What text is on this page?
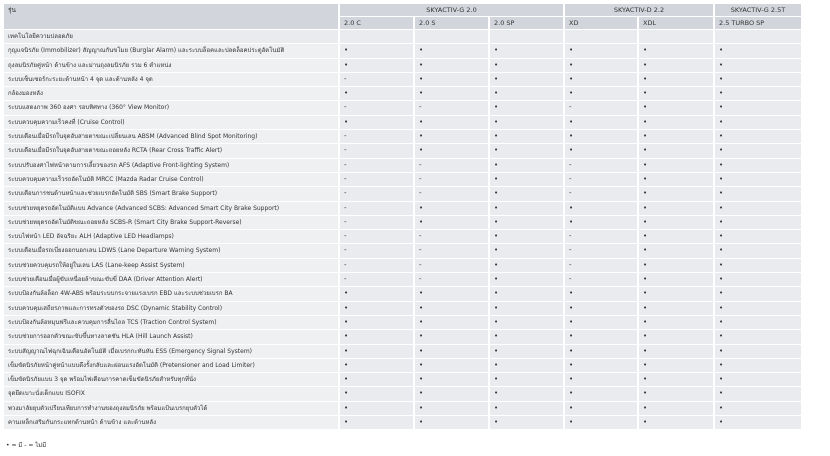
รุ่น	SKYACTIV-G 2.0			SKYACTIV-D 2.2		SKYACTIV-G 2.5T
	2.0 C	2.0 S	2.0 SP	XD	XDL	2.5 TURBO SP
เทคโนโลยีความปลอดภัย						
กุญแจนิรภัย (Immobilizer) สัญญาณกันขโมย (Burglar Alarm) และระบบล็อคและปลดล็อคประตูอัตโนมัติ	•	•	•	•	•	•
ถุงลมนิรภัยคู่หน้า ด้านข้าง และม่านถุงลมนิรภัย รวม 6 ตำแหน่ง	•	•	•	•	•	•
ระบบเซ็นเซอร์กะระยะด้านหน้า 4 จุด และด้านหลัง 4 จุด	-	•	•	•	•	•
กล้องมองหลัง	•	•	•	•	•	•
ระบบแสดงภาพ 360 องศา รอบทิศทาง (360° View Monitor)	-	-	•	-	•	•
ระบบควบคุมความเร็วคงที่ (Cruise Control)	•	•	•	•	•	•
ระบบเตือนเมื่อมีรถในจุดอับสายตาขณะเปลี่ยนเลน ABSM (Advanced Blind Spot Monitoring)	-	•	•	•	•	•
ระบบเตือนเมื่อมีรถในจุดอับสายตาขณะถอยหลัง RCTA (Rear Cross Traffic Alert)	-	•	•	•	•	•
ระบบปรับองศาไฟหน้าตามการเลี้ยวของรถ AFS (Adaptive Front-lighting System)	-	-	•	-	•	•
ระบบควบคุมความเร็วรถอัตโนมัติ MRCC (Mazda Radar Cruise Control)	-	-	•	-	•	•
ระบบเตือนการชนด้านหน้าและช่วยเบรกอัตโนมัติ SBS (Smart Brake Support)	-	-	•	-	•	•
ระบบช่วยหยุดรถอัตโนมัติแบบ Advance (Advanced SCBS: Advanced Smart City Brake Support)	-	•	•	•	•	•
ระบบช่วยหยุดรถอัตโนมัติขณะถอยหลัง SCBS-R (Smart City Brake Support-Reverse)	-	•	•	•	•	•
ระบบไฟหน้า LED อัจฉริยะ ALH (Adaptive LED Headlamps)	-	-	•	-	•	•
ระบบเตือนเมื่อรถเบี่ยงออกนอกเลน LDWS (Lane Departure Warning System)	-	-	•	-	•	•
ระบบช่วยควบคุมรถให้อยู่ในเลน LAS (Lane-keep Assist System)	-	-	•	-	•	•
ระบบช่วยเตือนเมื่อผู้ขับเหนื่อยล้าขณะขับขี่ DAA (Driver Attention Alert)	-	-	•	-	•	•
ระบบป้องกันล้อล็อก 4W-ABS พร้อมระบบกระจายแรงเบรก EBD และระบบช่วยเบรก BA	•	•	•	•	•	•
ระบบควบคุมเสถียรภาพและการทรงตัวของรถ DSC (Dynamic Stability Control)	•	•	•	•	•	•
ระบบป้องกันล้อหมุนฟรีและควบคุมการลื่นไถล TCS (Traction Control System)	•	•	•	•	•	•
ระบบช่วยการออกตัวขณะขับขึ้นทางลาดชัน HLA (Hill Launch Assist)	•	•	•	•	•	•
ระบบสัญญาณไฟฉุกเฉินเตือนอัตโนมัติ เมื่อเบรกกะทันหัน ESS (Emergency Signal System)	•	•	•	•	•	•
เข็มขัดนิรภัยหน้าคู่หน้าแบบดึงรั้งกลับและผ่อนแรงอัตโนมัติ (Pretensioner and Load Limiter)	•	•	•	•	•	•
เข็มขัดนิรภัยแบบ 3 จุด พร้อมไฟเตือนการคาดเข็มขัดนิรภัยสำหรับทุกที่นั่ง	•	•	•	•	•	•
จุดยึดเบาะนั่งเด็กแบบ ISOFIX	•	•	•	•	•	•
พวงมาลัยยุบตัวเปรียบเทียบการทำงานของถุงลมนิรภัย พร้อมแป้นเบรกยุบตัวได้	•	•	•	•	•	•
คานเหล็กเสริมกันกระแทกด้านหน้า ด้านข้าง และด้านหลัง	•	•	•	•	•	•
• = มี - = ไม่มี
